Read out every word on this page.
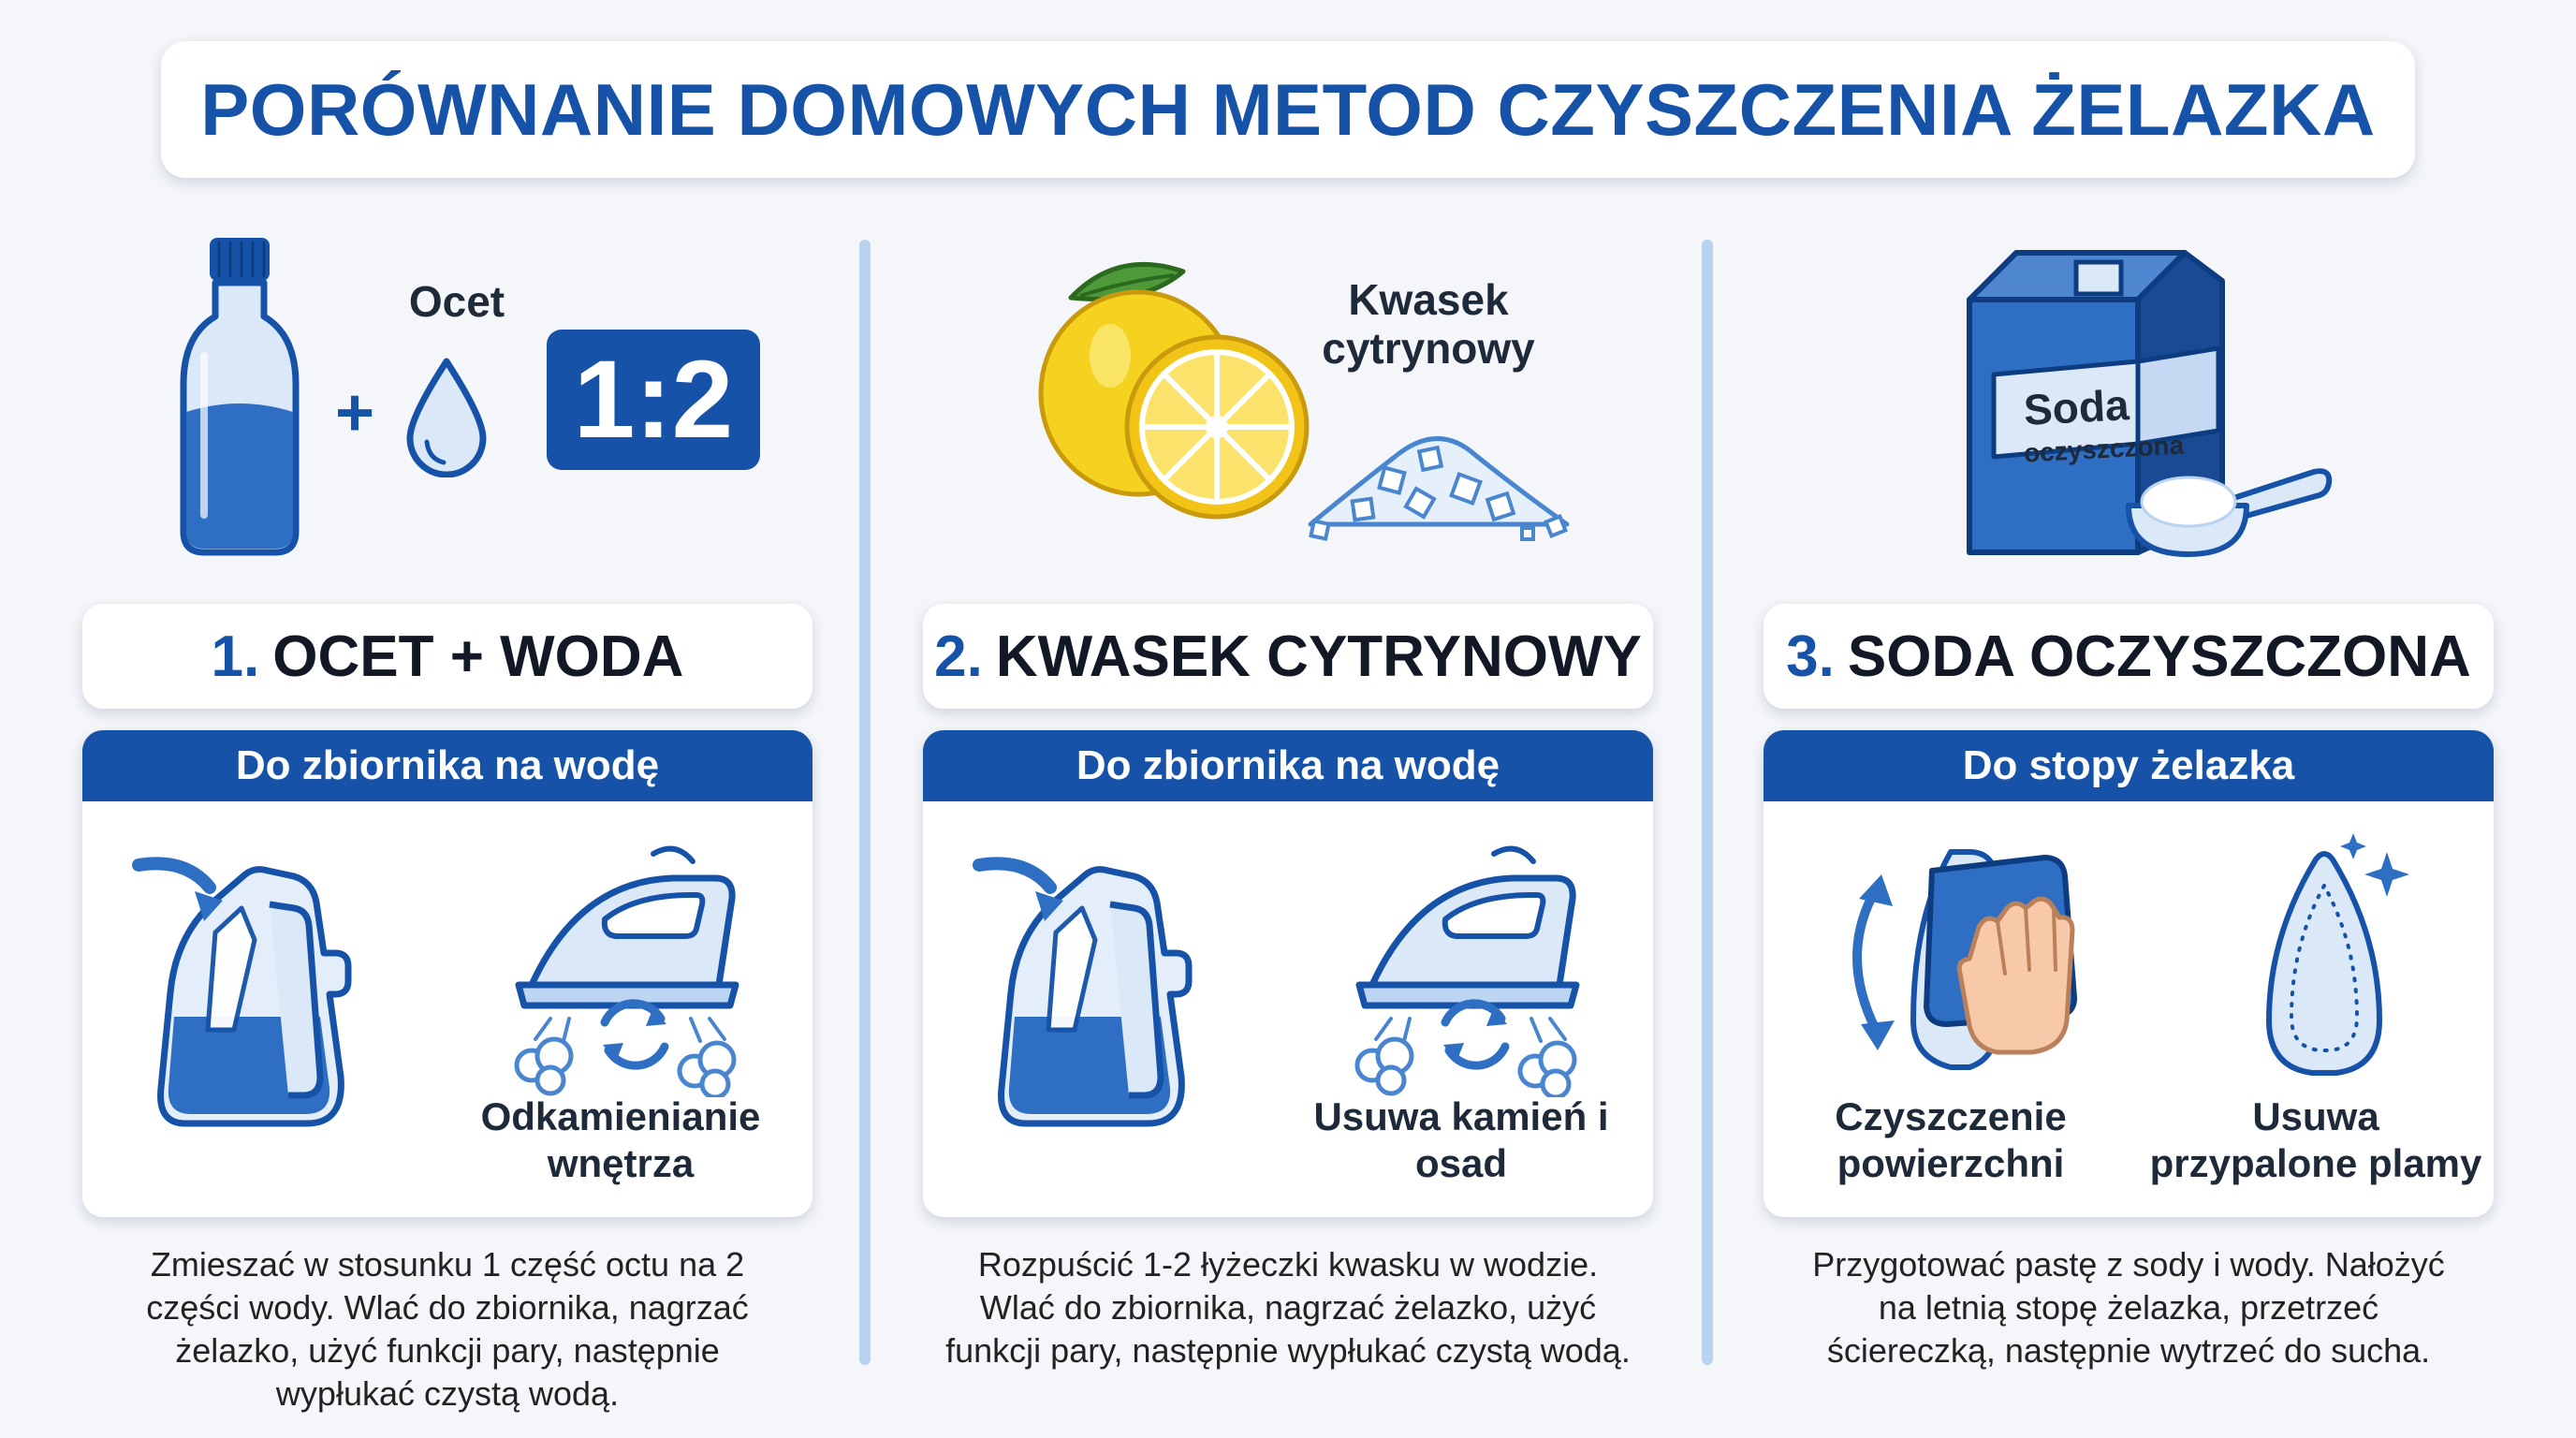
PORÓWNANIE DOMOWYCH METOD CZYSZCZENIA ŻELAZKA
+
Ocet
1:2
1. OCET + WODA
Do zbiornika na wodę
Odkamienianie wnętrza
Zmieszać w stosunku 1 część octu na 2 części wody. Wlać do zbiornika, nagrzać żelazko, użyć funkcji pary, następnie wypłukać czystą wodą.
Kwasek cytrynowy
2. KWASEK CYTRYNOWY
Do zbiornika na wodę
Usuwa kamień i osad
Rozpuścić 1-2 łyżeczki kwasku w wodzie. Wlać do zbiornika, nagrzać żelazko, użyć funkcji pary, następnie wypłukać czystą wodą.
Soda
oczyszczona
3. SODA OCZYSZCZONA
Do stopy żelazka
Czyszczenie powierzchni
Usuwa przypalone plamy
Przygotować pastę z sody i wody. Nałożyć na letnią stopę żelazka, przetrzeć ściereczką, następnie wytrzeć do sucha.
